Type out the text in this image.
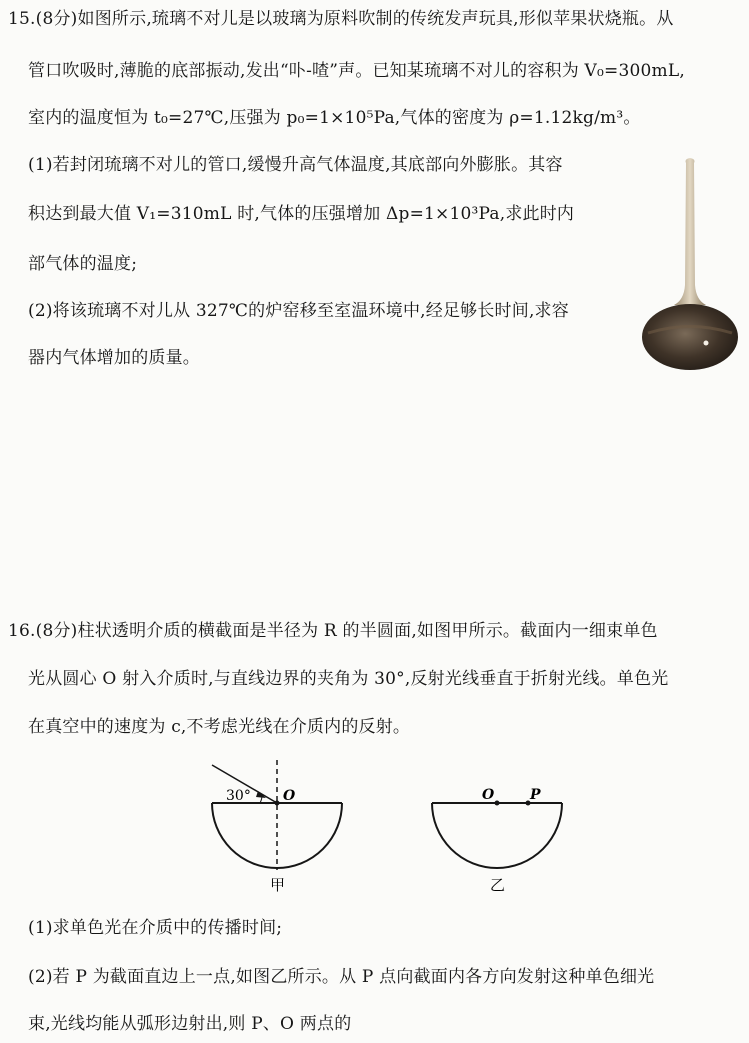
15.(8分)如图所示,琉璃不对儿是以玻璃为原料吹制的传统发声玩具,形似苹果状烧瓶。从
管口吹吸时,薄脆的底部振动,发出“卟-喳”声。已知某琉璃不对儿的容积为 V₀=300mL,
室内的温度恒为 t₀=27℃,压强为 p₀=1×10⁵Pa,气体的密度为 ρ=1.12kg/m³。
(1)若封闭琉璃不对儿的管口,缓慢升高气体温度,其底部向外膨胀。其容
积达到最大值 V₁=310mL 时,气体的压强增加 Δp=1×10³Pa,求此时内
部气体的温度;
(2)将该琉璃不对儿从 327℃的炉窑移至室温环境中,经足够长时间,求容
器内气体增加的质量。
16.(8分)柱状透明介质的横截面是半径为 R 的半圆面,如图甲所示。截面内一细束单色
光从圆心 O 射入介质时,与直线边界的夹角为 30°,反射光线垂直于折射光线。单色光
在真空中的速度为 c,不考虑光线在介质内的反射。
30° O
甲
O	P
乙
(1)求单色光在介质中的传播时间;
(2)若 P 为截面直边上一点,如图乙所示。从 P 点向截面内各方向发射这种单色细光
束,光线均能从弧形边射出,则 P、O 两点的
